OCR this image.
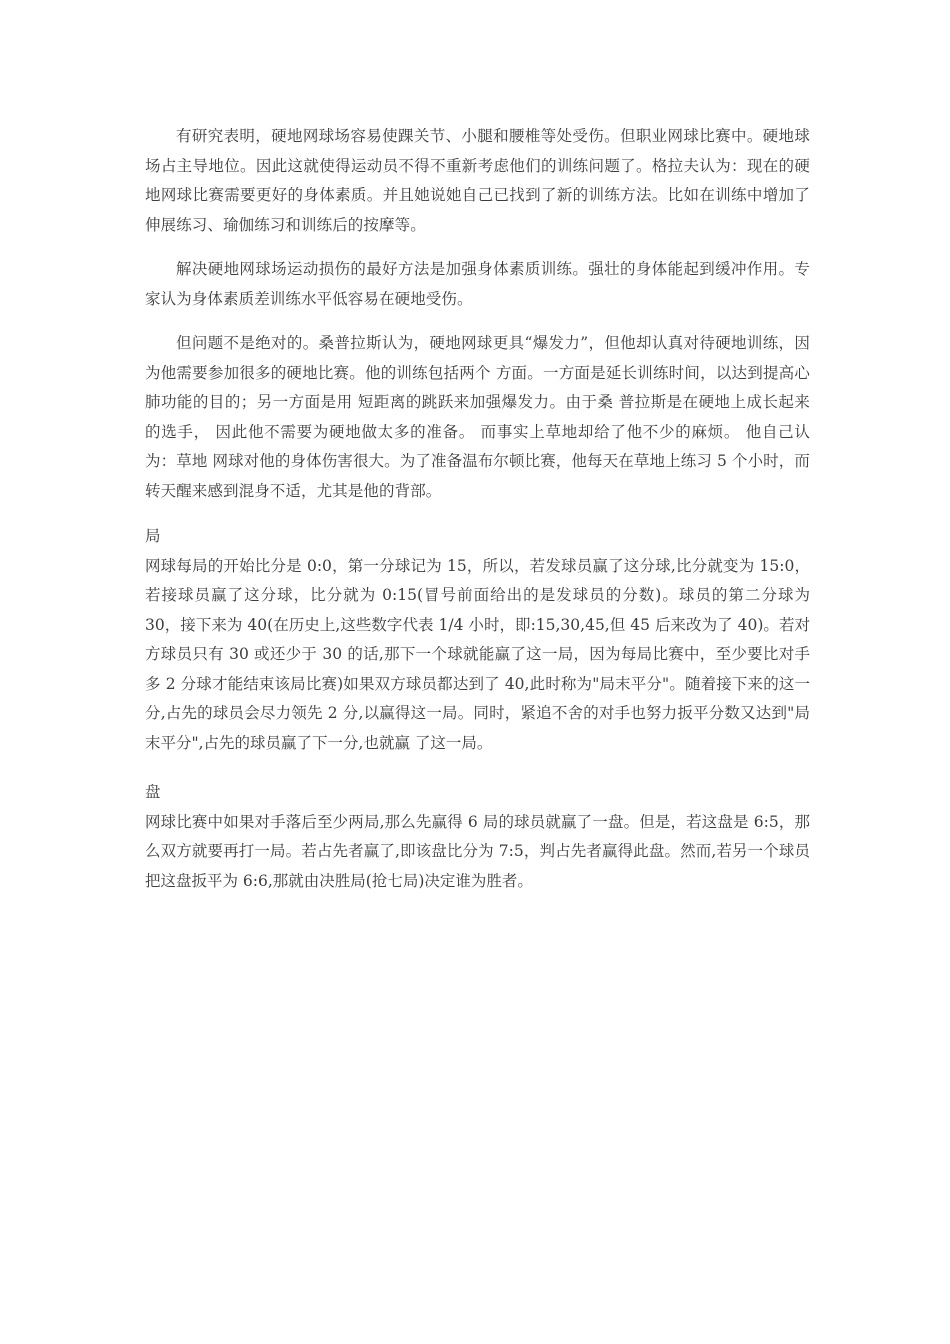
有研究表明，硬地网球场容易使踝关节、小腿和腰椎等处受伤。但职业网球比赛中。硬地球场占主导地位。因此这就使得运动员不得不重新考虑他们的训练问题了。格拉夫认为：现在的硬地网球比赛需要更好的身体素质。并且她说她自己已找到了新的训练方法。比如在训练中增加了伸展练习、瑜伽练习和训练后的按摩等。

解决硬地网球场运动损伤的最好方法是加强身体素质训练。强壮的身体能起到缓冲作用。专家认为身体素质差训练水平低容易在硬地受伤。

但问题不是绝对的。桑普拉斯认为，硬地网球更具“爆发力”，但他却认真对待硬地训练，因为他需要参加很多的硬地比赛。他的训练包括两个 方面。一方面是延长训练时间，以达到提高心肺功能的目的；另一方面是用 短距离的跳跃来加强爆发力。由于桑 普拉斯是在硬地上成长起来的选手， 因此他不需要为硬地做太多的准备。 而事实上草地却给了他不少的麻烦。 他自己认为：草地 网球对他的身体伤害很大。为了准备温布尔顿比赛，他每天在草地上练习 5 个小时，而转天醒来感到混身不适，尤其是他的背部。

局

网球每局的开始比分是 0:0，第一分球记为 15，所以，若发球员赢了这分球,比分就变为 15:0，若接球员赢了这分球，比分就为 0:15(冒号前面给出的是发球员的分数)。球员的第二分球为 30，接下来为 40(在历史上,这些数字代表 1/4 小时，即:15,30,45,但 45 后来改为了 40)。若对方球员只有 30 或还少于 30 的话,那下一个球就能赢了这一局，因为每局比赛中，至少要比对手多 2 分球才能结束该局比赛)如果双方球员都达到了 40,此时称为"局末平分"。随着接下来的这一分,占先的球员会尽力领先 2 分,以赢得这一局。同时，紧追不舍的对手也努力扳平分数又达到"局末平分",占先的球员赢了下一分,也就赢 了这一局。

盘

网球比赛中如果对手落后至少两局,那么先赢得 6 局的球员就赢了一盘。但是，若这盘是 6:5，那么双方就要再打一局。若占先者赢了,即该盘比分为 7:5，判占先者赢得此盘。然而,若另一个球员把这盘扳平为 6:6,那就由决胜局(抢七局)决定谁为胜者。
